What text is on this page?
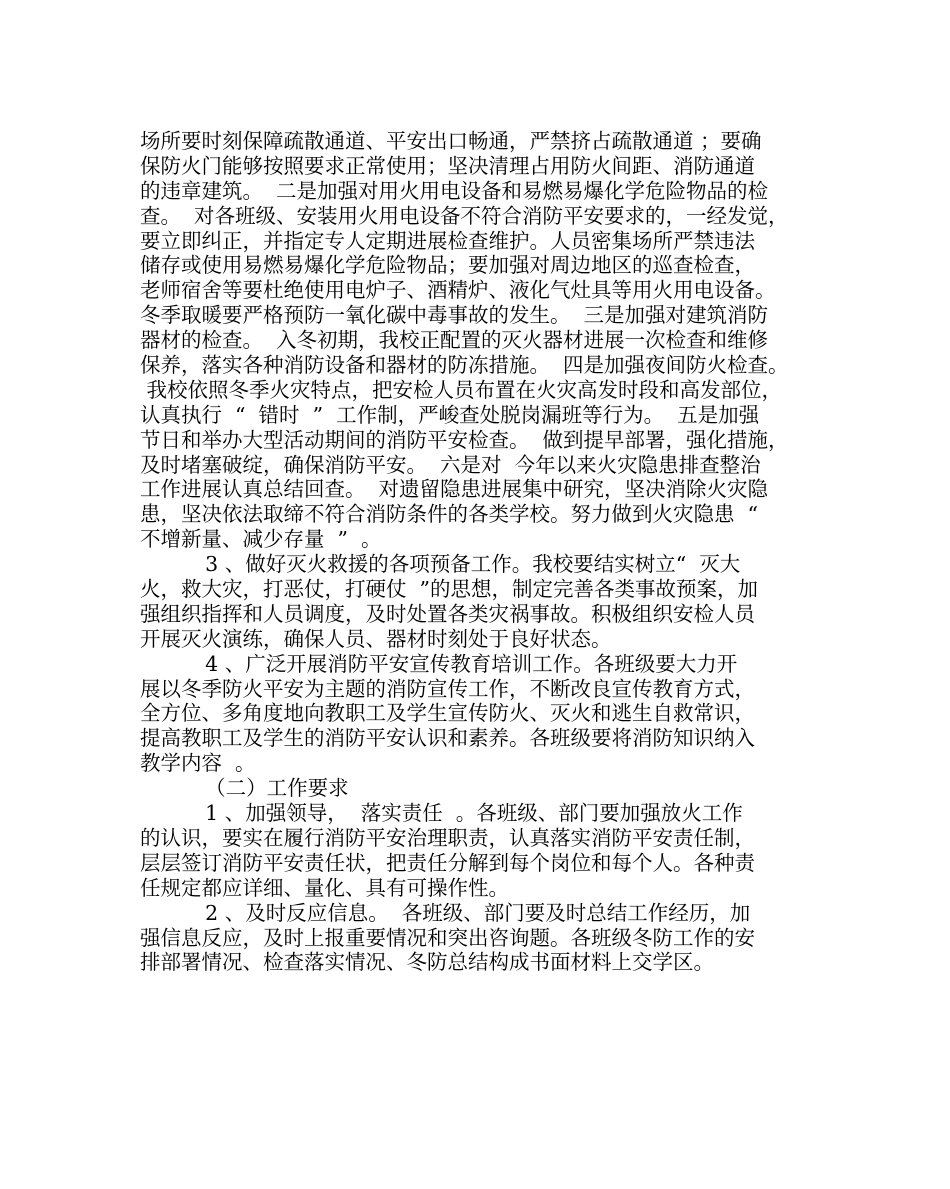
场所要时刻保障疏散通道、平安出口畅通，严禁挤占疏散通道 ；要确
保防火门能够按照要求正常使用；坚决清理占用防火间距、消防通道
的违章建筑。  二是加强对用火用电设备和易燃易爆化学危险物品的检
查。  对各班级、安装用火用电设备不符合消防平安要求的，一经发觉，
要立即纠正，并指定专人定期进展检查维护。人员密集场所严禁违法
储存或使用易燃易爆化学危险物品；要加强对周边地区的巡查检查，
老师宿舍等要杜绝使用电炉子、酒精炉、液化气灶具等用火用电设备。
冬季取暖要严格预防一氧化碳中毒事故的发生。  三是加强对建筑消防
器材的检查。  入冬初期，我校正配置的灭火器材进展一次检查和维修
保养，落实各种消防设备和器材的防冻措施。  四是加强夜间防火检查。
我校依照冬季火灾特点，把安检人员布置在火灾高发时段和高发部位，
认真执行  “  错时  ”  工作制，严峻查处脱岗漏班等行为。  五是加强
节日和举办大型活动期间的消防平安检查。  做到提早部署，强化措施，
及时堵塞破绽，确保消防平安。  六是对  今年以来火灾隐患排查整治
工作进展认真总结回查。  对遗留隐患进展集中研究，坚决消除火灾隐
患，坚决依法取缔不符合消防条件的各类学校。努力做到火灾隐患  “
不增新量、减少存量  ”  。
3 、做好灭火救援的各项预备工作。我校要结实树立“  灭大
火，救大灾，打恶仗，打硬仗  ”的思想，制定完善各类事故预案，加
强组织指挥和人员调度，及时处置各类灾祸事故。积极组织安检人员
开展灭火演练，确保人员、器材时刻处于良好状态。
4 、广泛开展消防平安宣传教育培训工作。各班级要大力开
展以冬季防火平安为主题的消防宣传工作，不断改良宣传教育方式，
全方位、多角度地向教职工及学生宣传防火、灭火和逃生自救常识，
提高教职工及学生的消防平安认识和素养。各班级要将消防知识纳入
教学内容  。
（二）工作要求
1 、加强领导，  落实责任  。各班级、部门要加强放火工作
的认识，要实在履行消防平安治理职责，认真落实消防平安责任制，
层层签订消防平安责任状，把责任分解到每个岗位和每个人。各种责
任规定都应详细、量化、具有可操作性。
2 、及时反应信息。  各班级、部门要及时总结工作经历，加
强信息反应，及时上报重要情况和突出咨询题。各班级冬防工作的安
排部署情况、检查落实情况、冬防总结构成书面材料上交学区。
